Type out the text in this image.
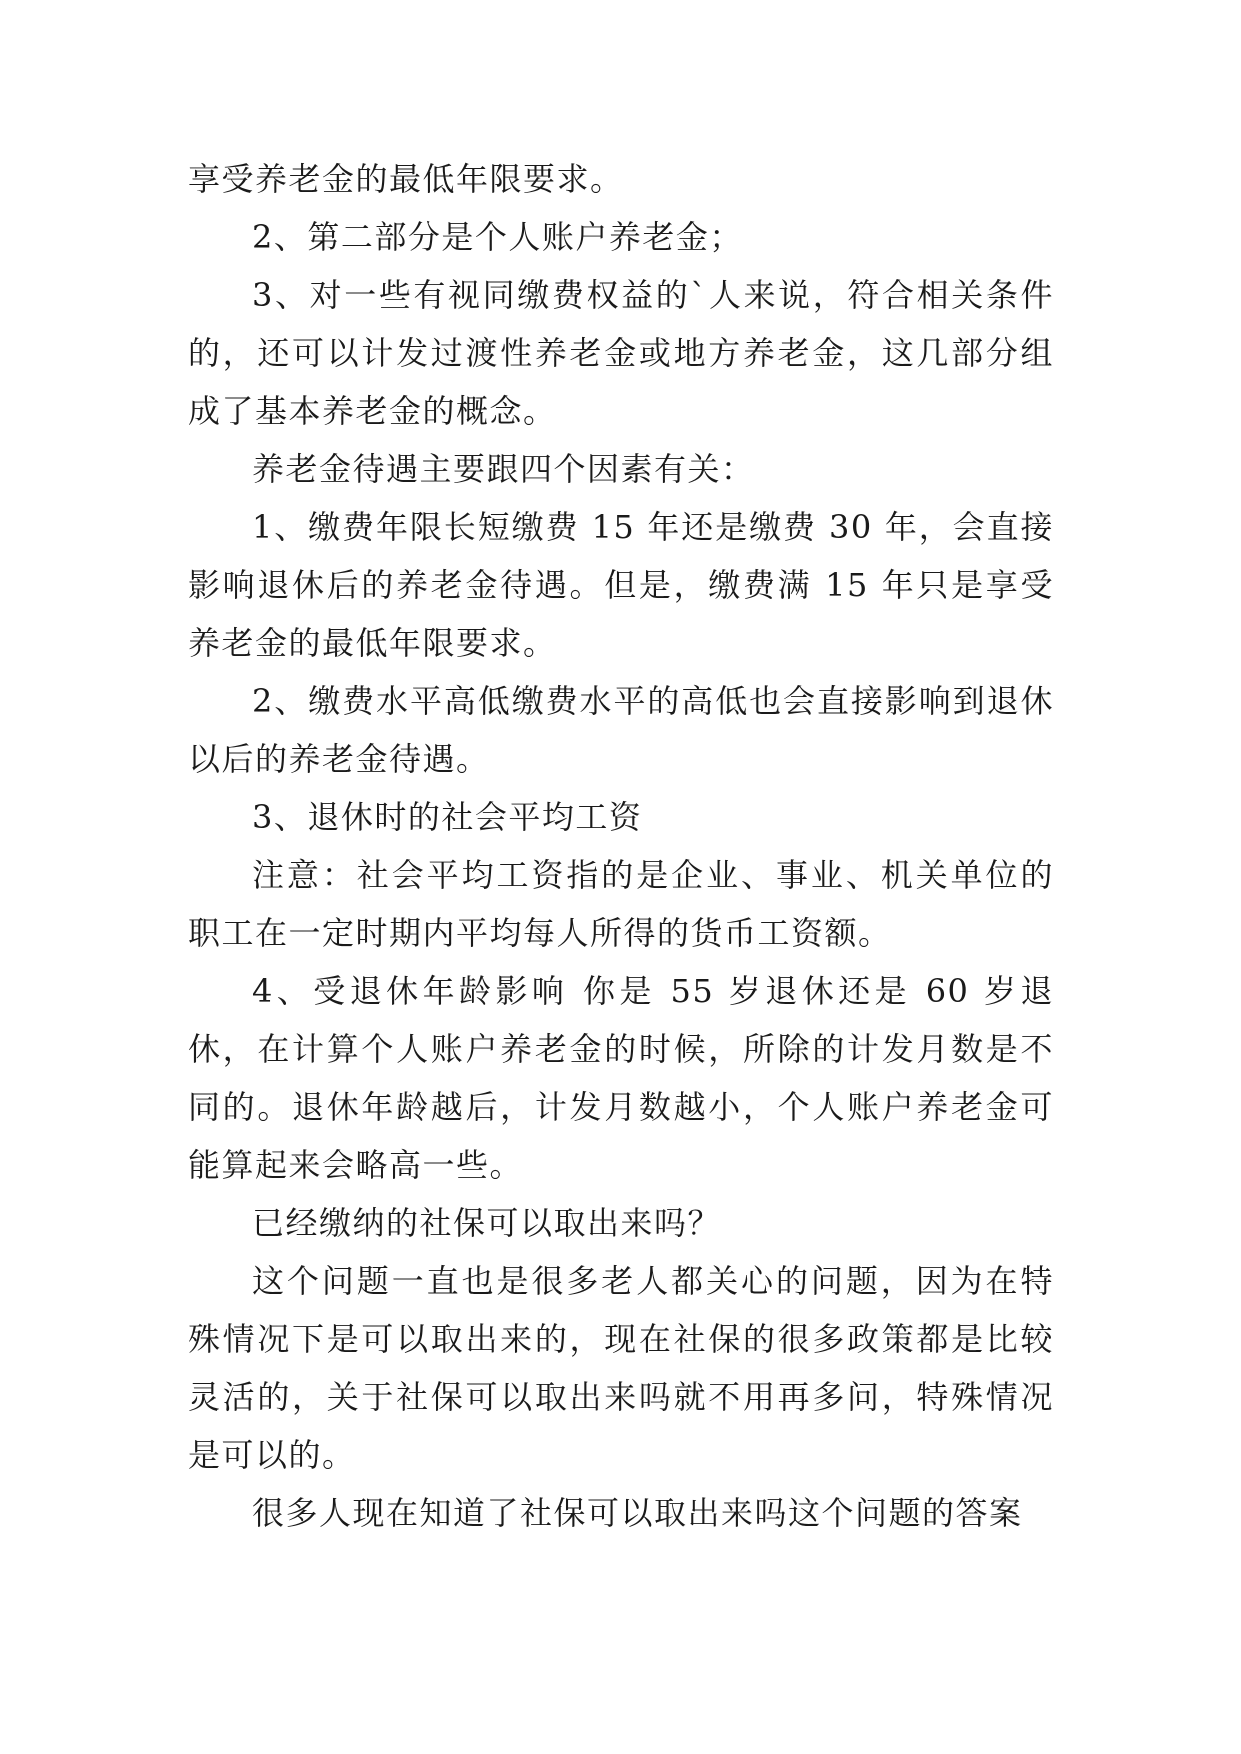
享受养老金的最低年限要求。

2、第二部分是个人账户养老金；

3、对一些有视同缴费权益的`人来说，符合相关条件的，还可以计发过渡性养老金或地方养老金，这几部分组成了基本养老金的概念。

养老金待遇主要跟四个因素有关：

1、缴费年限长短缴费 15 年还是缴费 30 年，会直接影响退休后的养老金待遇。但是，缴费满 15 年只是享受养老金的最低年限要求。

2、缴费水平高低缴费水平的高低也会直接影响到退休以后的养老金待遇。

3、退休时的社会平均工资

注意：社会平均工资指的是企业、事业、机关单位的职工在一定时期内平均每人所得的货币工资额。

4、受退休年龄影响 你是 55 岁退休还是 60 岁退休，在计算个人账户养老金的时候，所除的计发月数是不同的。退休年龄越后，计发月数越小，个人账户养老金可能算起来会略高一些。

已经缴纳的社保可以取出来吗？

这个问题一直也是很多老人都关心的问题，因为在特殊情况下是可以取出来的，现在社保的很多政策都是比较灵活的，关于社保可以取出来吗就不用再多问，特殊情况是可以的。

很多人现在知道了社保可以取出来吗这个问题的答案
